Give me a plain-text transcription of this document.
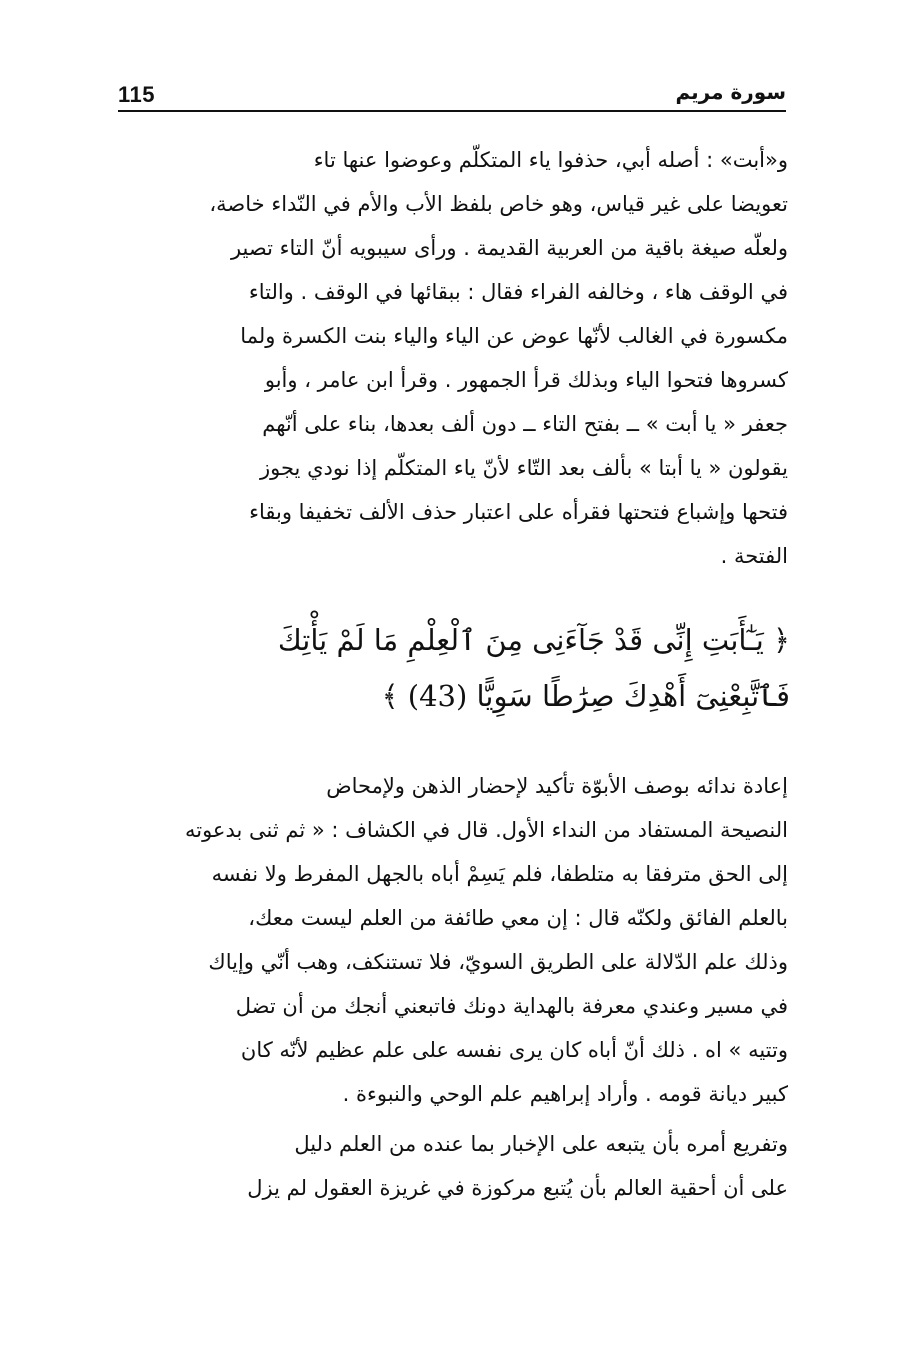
115	سورة مريم
و«أبت» : أصله أبي، حذفوا ياء المتكلّم وعوضوا عنها تاء
تعويضا على غير قياس، وهو خاص بلفظ الأب والأم في النّداء خاصة،
ولعلّه صيغة باقية من العربية القديمة . ورأى سيبويه أنّ التاء تصير
في الوقف هاء ، وخالفه الفراء فقال : ببقائها في الوقف . والتاء
مكسورة في الغالب لأنّها عوض عن الياء والياء بنت الكسرة ولما
كسروها فتحوا الياء وبذلك قرأ الجمهور . وقرأ ابن عامر ، وأبو
جعفر « يا أبت » ــ بفتح التاء ــ دون ألف بعدها، بناء على أنّهم
يقولون « يا أبتا » بألف بعد التّاء لأنّ ياء المتكلّم إذا نودي يجوز
فتحها وإشباع فتحتها فقرأه على اعتبار حذف الألف تخفيفا وبقاء
الفتحة .
﴿ يَـٰٓأَبَتِ إِنِّى قَدْ جَآءَنِى مِنَ ٱلْعِلْمِ مَا لَمْ يَأْتِكَ
فَٱتَّبِعْنِىٓ أَهْدِكَ صِرَٰطًا سَوِيًّا (43) ﴾
إعادة ندائه بوصف الأبوّة تأكيد لإحضار الذهن ولإمحاض
النصيحة المستفاد من النداء الأول. قال في الكشاف : « ثم ثنى بدعوته
إلى الحق مترفقا به متلطفا، فلم يَسِمْ أباه بالجهل المفرط ولا نفسه
بالعلم الفائق ولكنّه قال : إن معي طائفة من العلم ليست معك،
وذلك علم الدّلالة على الطريق السويّ، فلا تستنكف، وهب أنّي وإياك
في مسير وعندي معرفة بالهداية دونك فاتبعني أنجك من أن تضل
وتتيه » اه . ذلك أنّ أباه كان يرى نفسه على علم عظيم لأنّه كان
كبير ديانة قومه . وأراد إبراهيم علم الوحي والنبوءة .
وتفريع أمره بأن يتبعه على الإخبار بما عنده من العلم دليل
على أن أحقية العالم بأن يُتبع مركوزة في غريزة العقول لم يزل
